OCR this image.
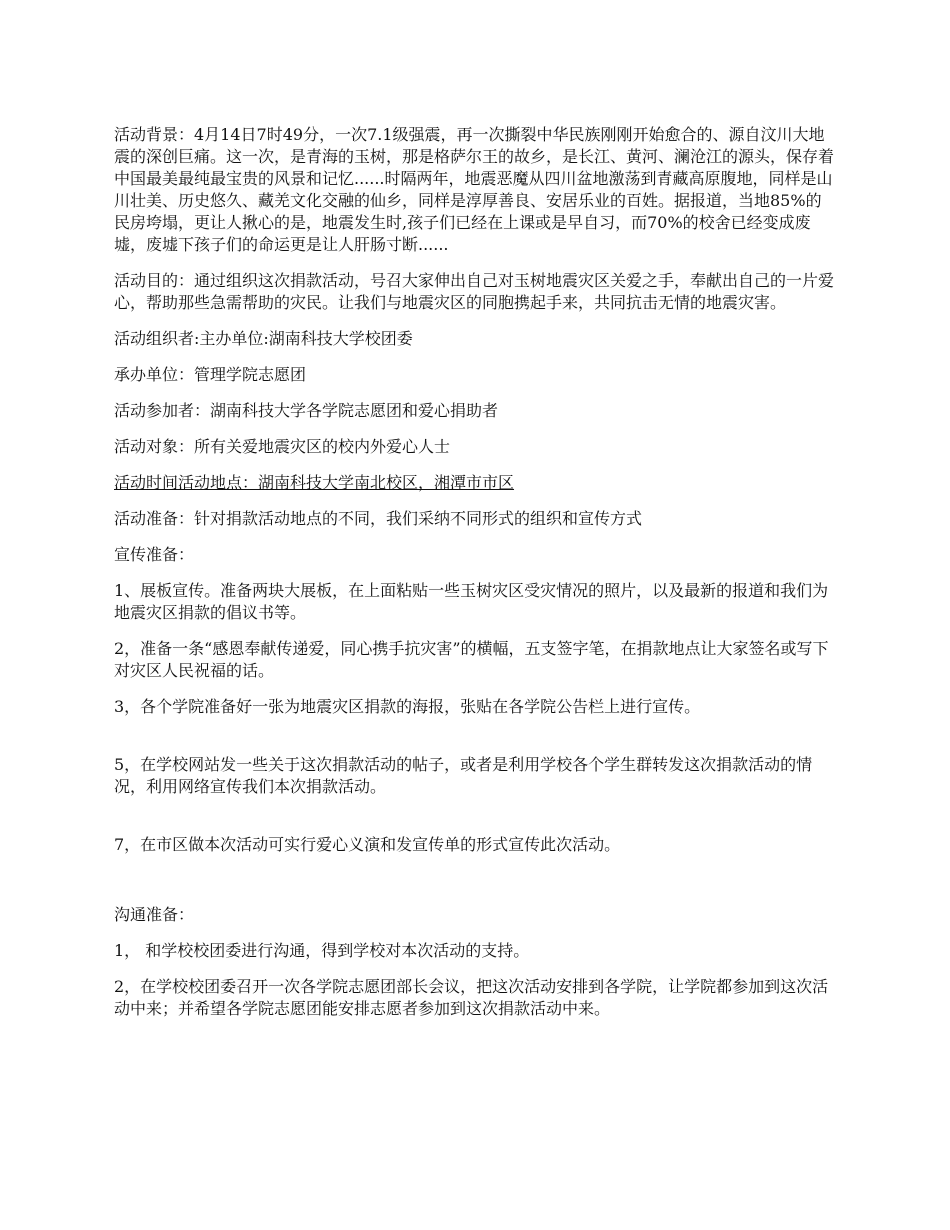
活动背景：4月14日7时49分，一次7.1级强震，再一次撕裂中华民族刚刚开始愈合的、源自汶川大地震的深创巨痛。这一次，是青海的玉树，那是格萨尔王的故乡，是长江、黄河、澜沧江的源头，保存着中国最美最纯最宝贵的风景和记忆......时隔两年，地震恶魔从四川盆地激荡到青藏高原腹地，同样是山川壮美、历史悠久、藏羌文化交融的仙乡，同样是淳厚善良、安居乐业的百姓。据报道，当地85%的民房垮塌，更让人揪心的是，地震发生时,孩子们已经在上课或是早自习，而70%的校舍已经变成废墟，废墟下孩子们的命运更是让人肝肠寸断......

活动目的：通过组织这次捐款活动，号召大家伸出自己对玉树地震灾区关爱之手，奉献出自己的一片爱心，帮助那些急需帮助的灾民。让我们与地震灾区的同胞携起手来，共同抗击无情的地震灾害。

活动组织者:主办单位:湖南科技大学校团委

承办单位：管理学院志愿团

活动参加者：湖南科技大学各学院志愿团和爱心捐助者

活动对象：所有关爱地震灾区的校内外爱心人士

活动时间活动地点：湖南科技大学南北校区，湘潭市市区

活动准备：针对捐款活动地点的不同，我们采纳不同形式的组织和宣传方式

宣传准备：

1、展板宣传。准备两块大展板，在上面粘贴一些玉树灾区受灾情况的照片，以及最新的报道和我们为地震灾区捐款的倡议书等。

2，准备一条“感恩奉献传递爱，同心携手抗灾害”的横幅，五支签字笔，在捐款地点让大家签名或写下对灾区人民祝福的话。

3，各个学院准备好一张为地震灾区捐款的海报，张贴在各学院公告栏上进行宣传。

5，在学校网站发一些关于这次捐款活动的帖子，或者是利用学校各个学生群转发这次捐款活动的情况，利用网络宣传我们本次捐款活动。

7，在市区做本次活动可实行爱心义演和发宣传单的形式宣传此次活动。

沟通准备：

1， 和学校校团委进行沟通，得到学校对本次活动的支持。

2，在学校校团委召开一次各学院志愿团部长会议，把这次活动安排到各学院，让学院都参加到这次活动中来；并希望各学院志愿团能安排志愿者参加到这次捐款活动中来。
